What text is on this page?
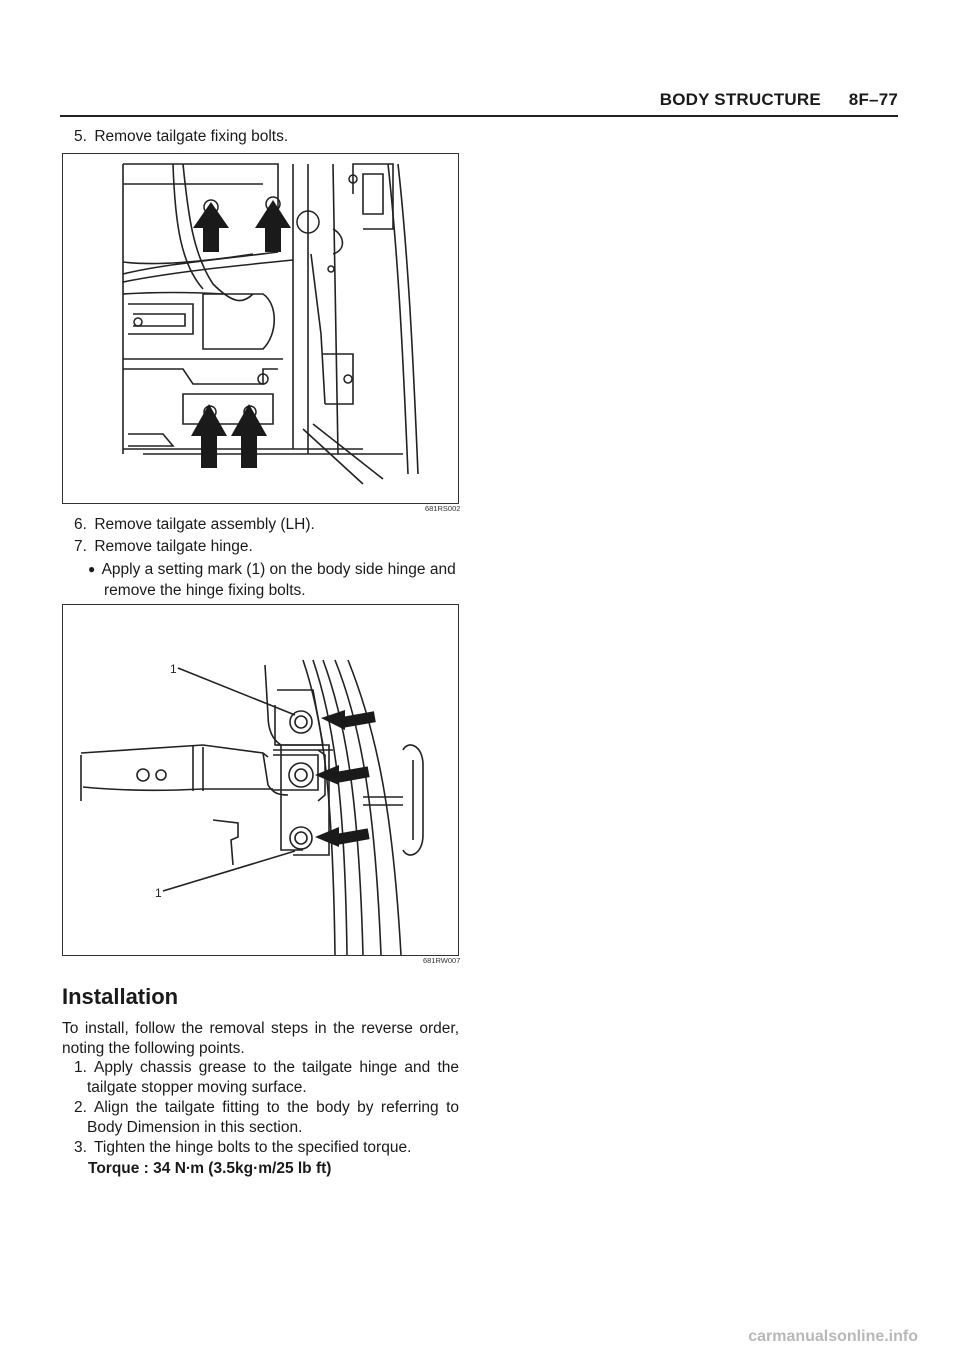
BODY STRUCTURE 8F–77
5. Remove tailgate fixing bolts.
681RS002
6. Remove tailgate assembly (LH).
7. Remove tailgate hinge.
● Apply a setting mark (1) on the body side hinge and
remove the hinge fixing bolts.
1
1
681RW007
Installation
To install, follow the removal steps in the reverse order,
noting the following points.
1. Apply chassis grease to the tailgate hinge and the
tailgate stopper moving surface.
2. Align the tailgate fitting to the body by referring to
Body Dimension in this section.
3. Tighten the hinge bolts to the specified torque.
Torque : 34 N∙m (3.5kg·m/25 lb ft)
carmanualsonline.info
